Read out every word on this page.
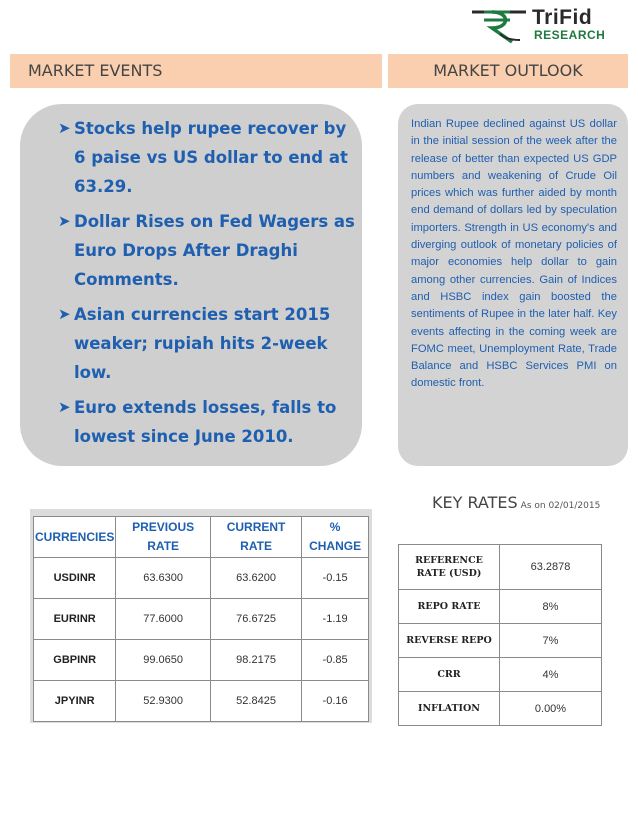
TriFid
RESEARCH
MARKET EVENTS	MARKET OUTLOOK
➤ Stocks help rupee recover by 6 paise vs US dollar to end at 63.29.
➤ Dollar Rises on Fed Wagers as Euro Drops After Draghi Comments.
➤ Asian currencies start 2015 weaker; rupiah hits 2-week low.
➤ Euro extends losses, falls to lowest since June 2010.

Indian Rupee declined against US dollar in the initial session of the week after the release of better than expected US GDP numbers and weakening of Crude Oil prices which was further aided by month end demand of dollars led by speculation importers. Strength in US economy's and diverging outlook of monetary policies of major economies help dollar to gain among other currencies. Gain of Indices and HSBC index gain boosted the sentiments of Rupee in the later half. Key events affecting in the coming week are FOMC meet, Unemployment Rate, Trade Balance and HSBC Services PMI on domestic front.

KEY RATES As on 02/01/2015
CURRENCIES	PREVIOUS RATE	CURRENT RATE	% CHANGE
USDINR	63.6300	63.6200	-0.15
EURINR	77.6000	76.6725	-1.19
GBPINR	99.0650	98.2175	-0.85
JPYINR	52.9300	52.8425	-0.16
REFERENCE RATE (USD)	63.2878
REPO RATE	8%
REVERSE REPO	7%
CRR	4%
INFLATION	0.00%
